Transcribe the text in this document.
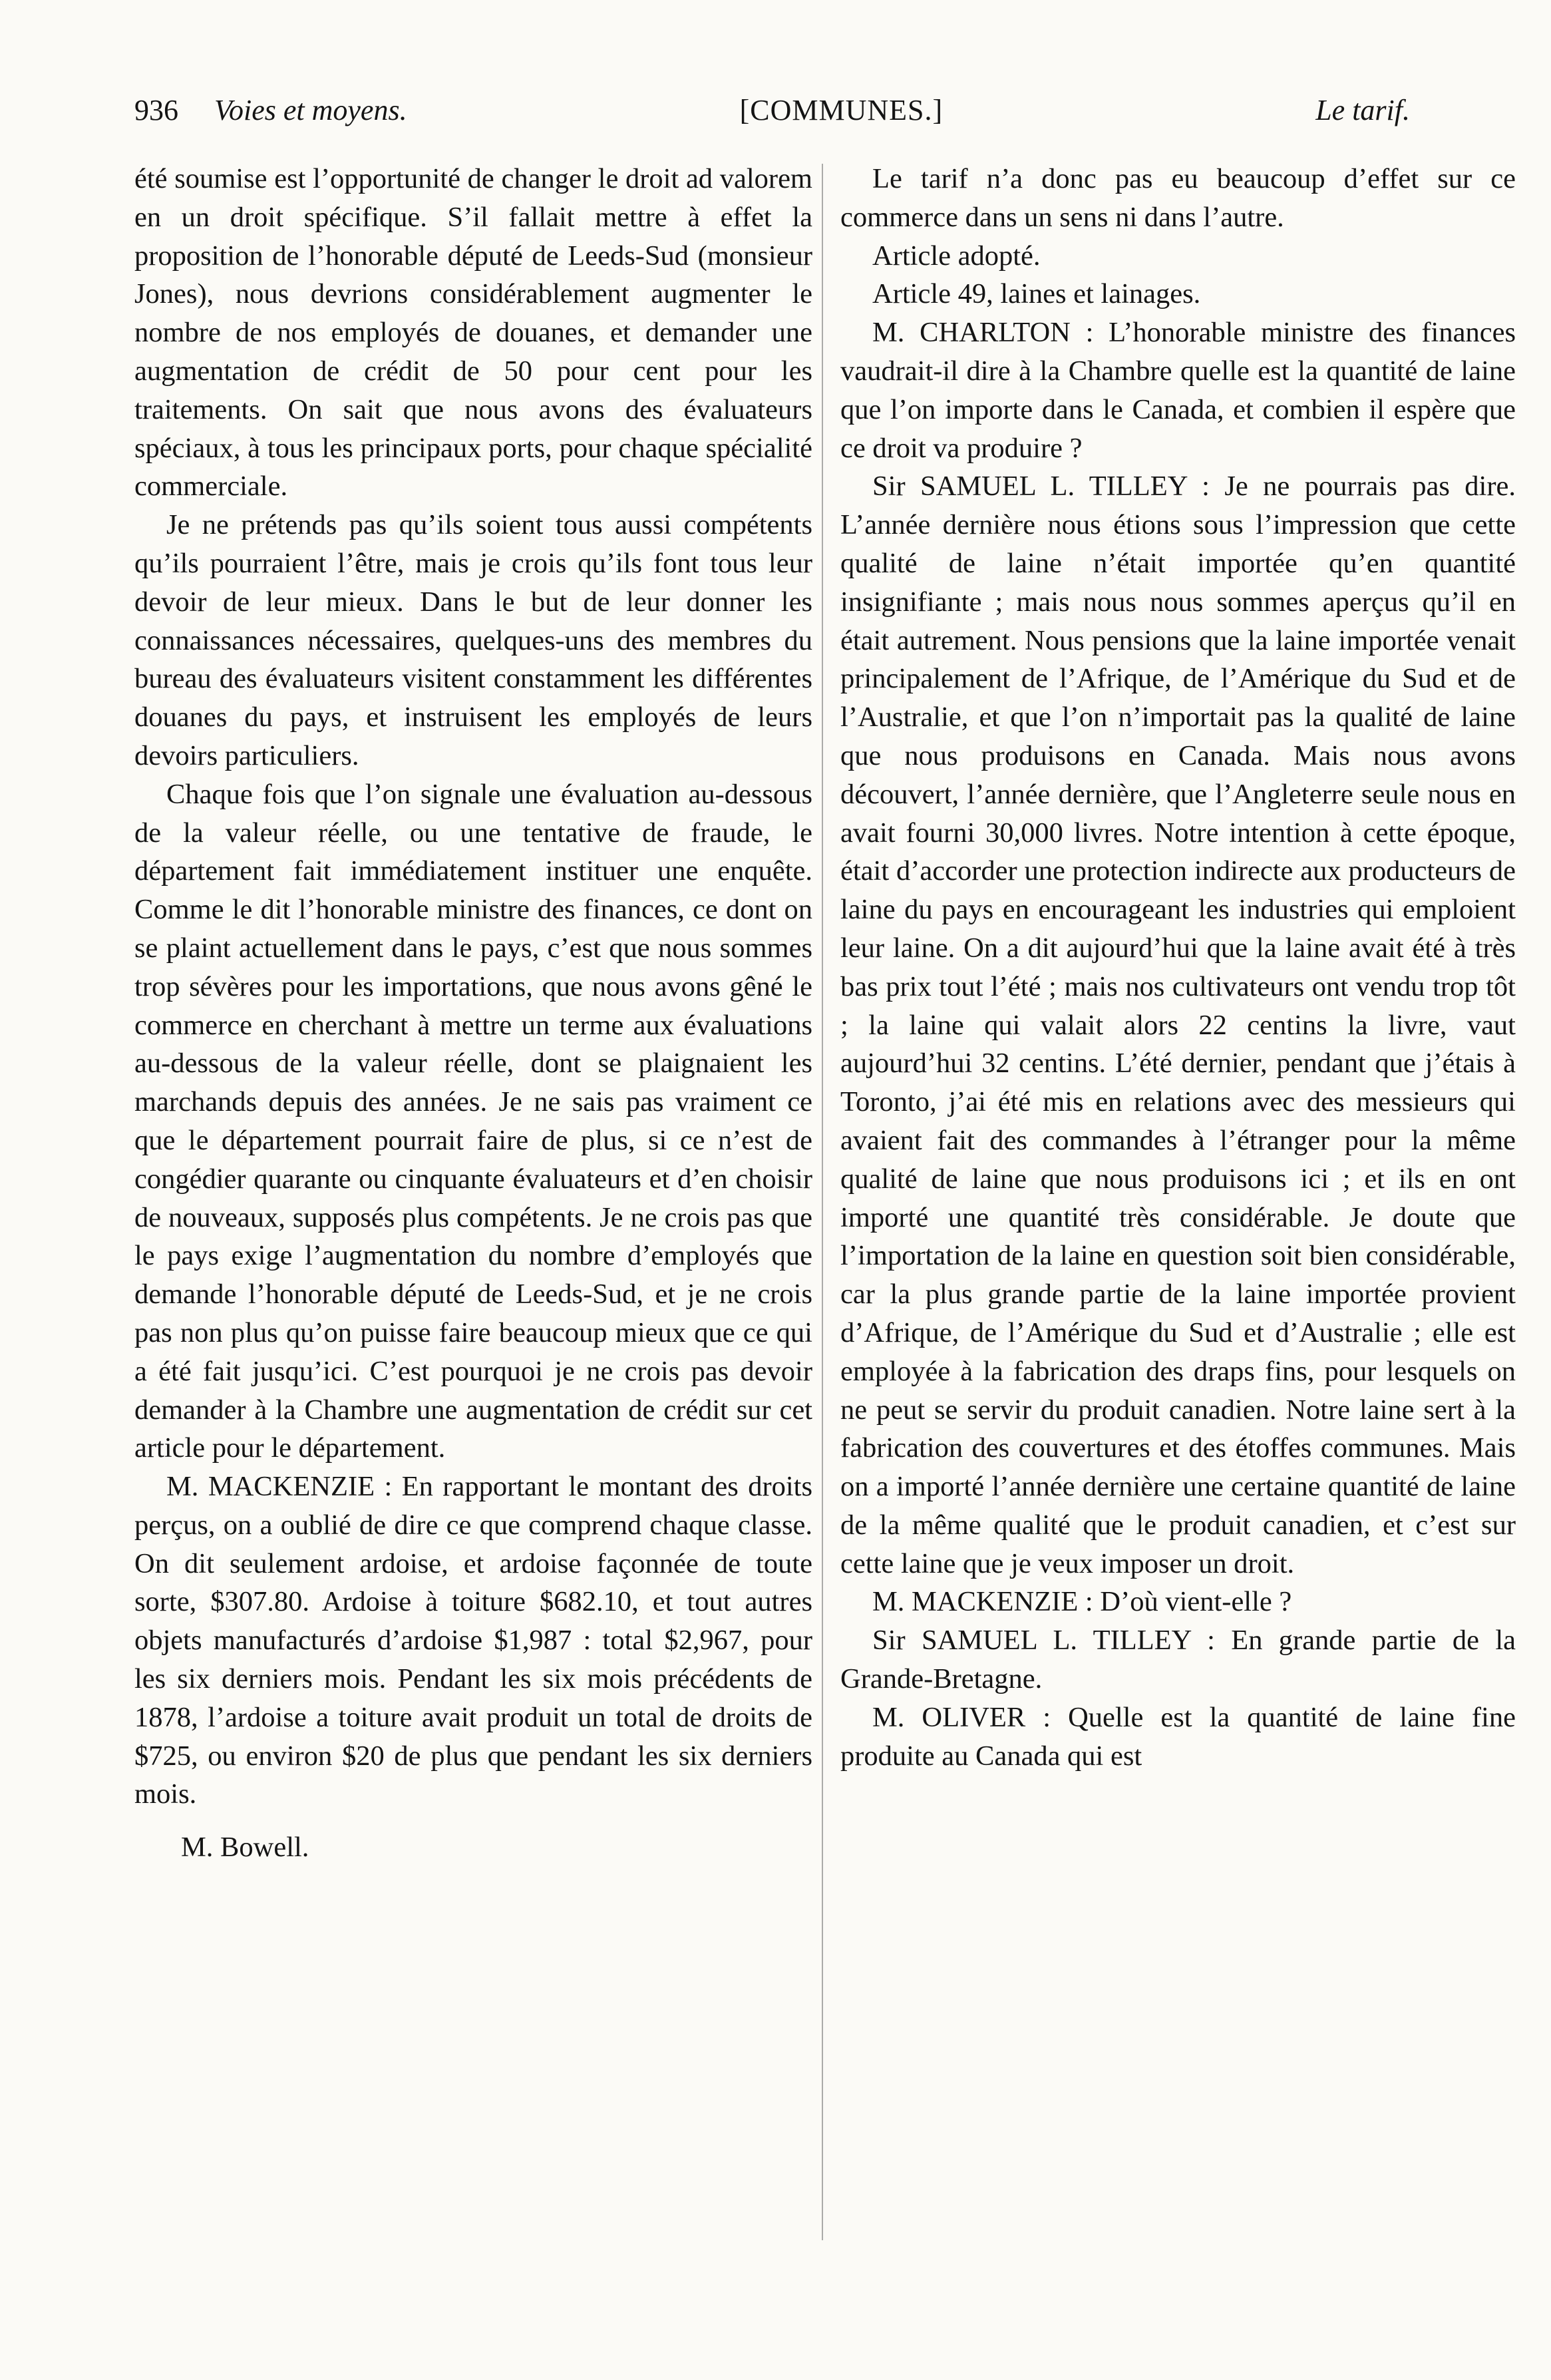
936 Voies et moyens.	[COMMUNES.]	Le tarif.

été soumise est l’opportunité de changer le droit ad valorem en un droit spécifique. S’il fallait mettre à effet la proposition de l’honorable député de Leeds-Sud (monsieur Jones), nous devrions considérablement augmenter le nombre de nos employés de douanes, et demander une augmentation de crédit de 50 pour cent pour les traitements. On sait que nous avons des évaluateurs spéciaux, à tous les principaux ports, pour chaque spécialité commerciale.

Je ne prétends pas qu’ils soient tous aussi compétents qu’ils pourraient l’être, mais je crois qu’ils font tous leur devoir de leur mieux. Dans le but de leur donner les connaissances nécessaires, quelques-uns des membres du bureau des évaluateurs visitent constamment les différentes douanes du pays, et instruisent les employés de leurs devoirs particuliers.

Chaque fois que l’on signale une évaluation au-dessous de la valeur réelle, ou une tentative de fraude, le département fait immédiatement instituer une enquête. Comme le dit l’honorable ministre des finances, ce dont on se plaint actuellement dans le pays, c’est que nous sommes trop sévères pour les importations, que nous avons gêné le commerce en cherchant à mettre un terme aux évaluations au-dessous de la valeur réelle, dont se plaignaient les marchands depuis des années. Je ne sais pas vraiment ce que le département pourrait faire de plus, si ce n’est de congédier quarante ou cinquante évaluateurs et d’en choisir de nouveaux, supposés plus compétents. Je ne crois pas que le pays exige l’augmentation du nombre d’employés que demande l’honorable député de Leeds-Sud, et je ne crois pas non plus qu’on puisse faire beaucoup mieux que ce qui a été fait jusqu’ici. C’est pourquoi je ne crois pas devoir demander à la Chambre une augmentation de crédit sur cet article pour le département.

M. MACKENZIE : En rapportant le montant des droits perçus, on a oublié de dire ce que comprend chaque classe. On dit seulement ardoise, et ardoise façonnée de toute sorte, $307.80. Ardoise à toiture $682.10, et tout autres objets manufacturés d’ardoise $1,987 : total $2,967, pour les six derniers mois. Pendant les six mois précédents de 1878, l’ardoise a toiture avait produit un total de droits de $725, ou environ $20 de plus que pendant les six derniers mois.

M. Bowell.

Le tarif n’a donc pas eu beaucoup d’effet sur ce commerce dans un sens ni dans l’autre.

Article adopté.

Article 49, laines et lainages.

M. CHARLTON : L’honorable ministre des finances vaudrait-il dire à la Chambre quelle est la quantité de laine que l’on importe dans le Canada, et combien il espère que ce droit va produire ?

Sir SAMUEL L. TILLEY : Je ne pourrais pas dire. L’année dernière nous étions sous l’impression que cette qualité de laine n’était importée qu’en quantité insignifiante ; mais nous nous sommes aperçus qu’il en était autrement. Nous pensions que la laine importée venait principalement de l’Afrique, de l’Amérique du Sud et de l’Australie, et que l’on n’importait pas la qualité de laine que nous produisons en Canada. Mais nous avons découvert, l’année dernière, que l’Angleterre seule nous en avait fourni 30,000 livres. Notre intention à cette époque, était d’accorder une protection indirecte aux producteurs de laine du pays en encourageant les industries qui emploient leur laine. On a dit aujourd’hui que la laine avait été à très bas prix tout l’été ; mais nos cultivateurs ont vendu trop tôt ; la laine qui valait alors 22 centins la livre, vaut aujourd’hui 32 centins. L’été dernier, pendant que j’étais à Toronto, j’ai été mis en relations avec des messieurs qui avaient fait des commandes à l’étranger pour la même qualité de laine que nous produisons ici ; et ils en ont importé une quantité très considérable. Je doute que l’importation de la laine en question soit bien considérable, car la plus grande partie de la laine importée provient d’Afrique, de l’Amérique du Sud et d’Australie ; elle est employée à la fabrication des draps fins, pour lesquels on ne peut se servir du produit canadien. Notre laine sert à la fabrication des couvertures et des étoffes communes. Mais on a importé l’année dernière une certaine quantité de laine de la même qualité que le produit canadien, et c’est sur cette laine que je veux imposer un droit.

M. MACKENZIE : D’où vient-elle ?

Sir SAMUEL L. TILLEY : En grande partie de la Grande-Bretagne.

M. OLIVER : Quelle est la quantité de laine fine produite au Canada qui est
